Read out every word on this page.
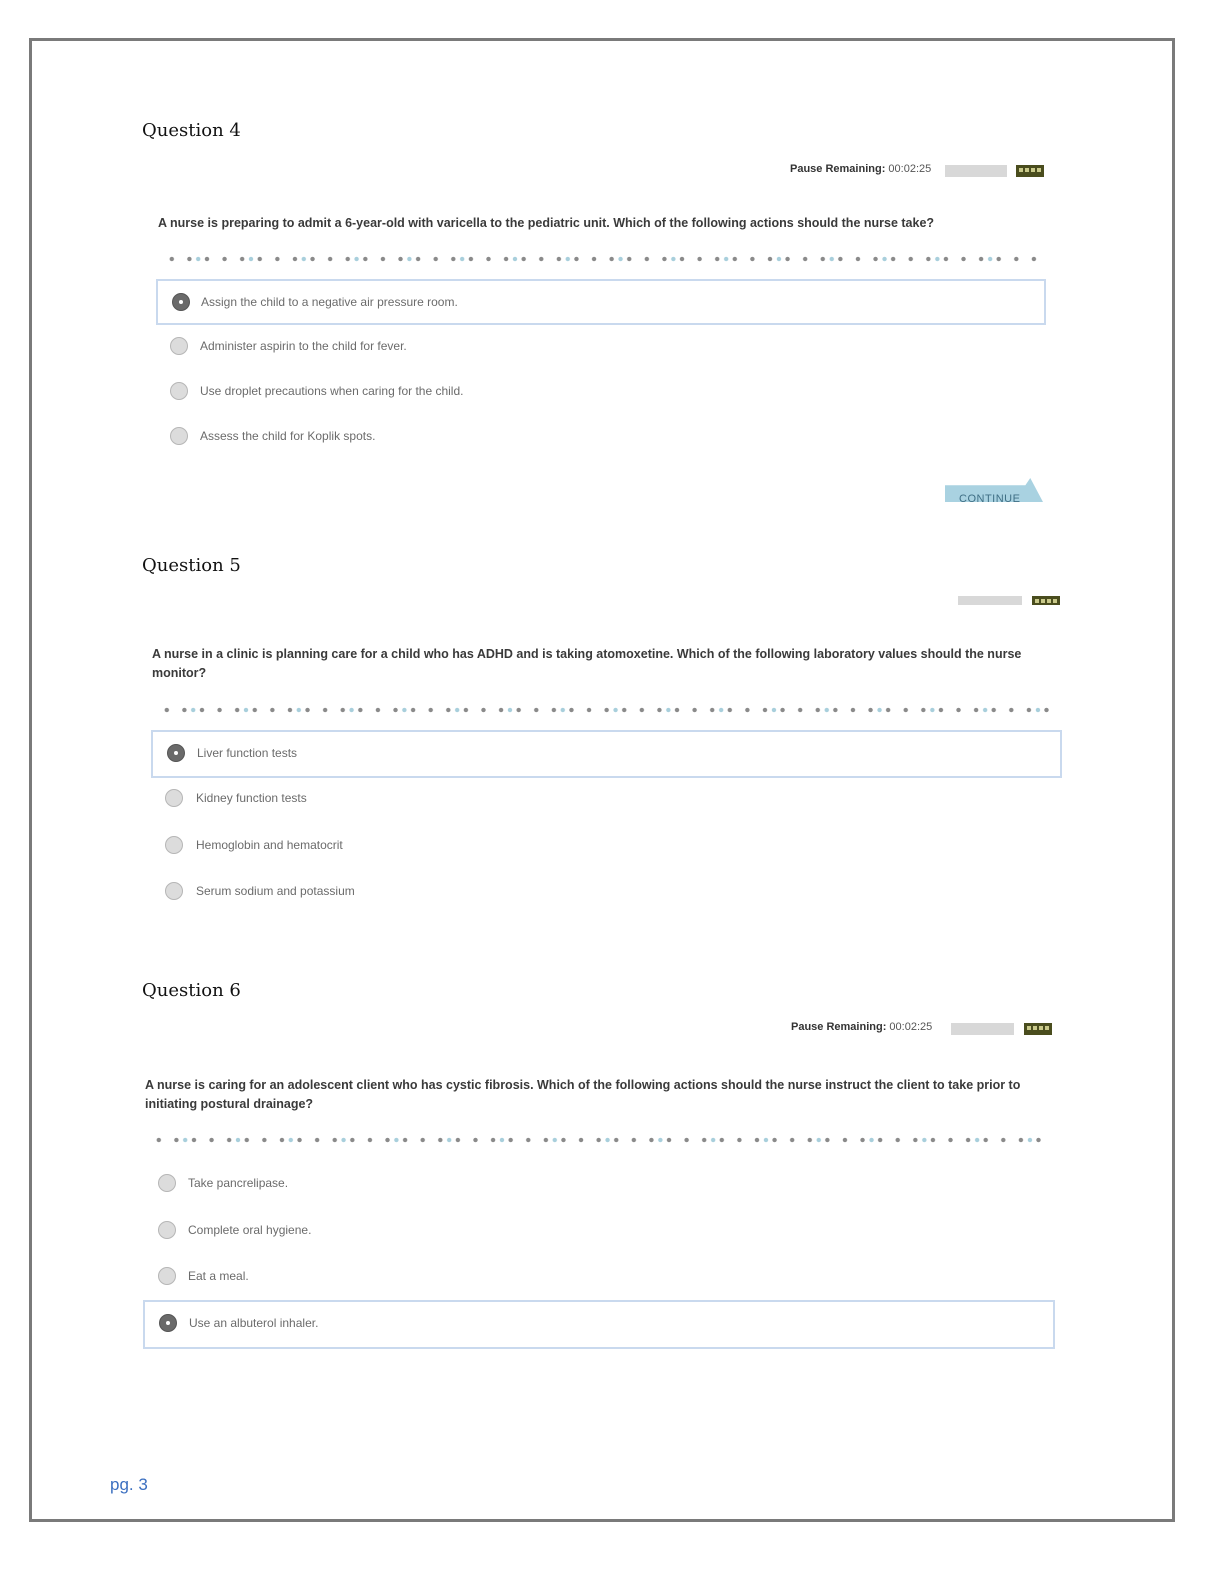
Question 4
Pause Remaining: 00:02:25

A nurse is preparing to admit a 6-year-old with varicella to the pediatric unit. Which of the following actions should the nurse take?

Assign the child to a negative air pressure room.
Administer aspirin to the child for fever.
Use droplet precautions when caring for the child.
Assess the child for Koplik spots.
CONTINUE
Question 5

A nurse in a clinic is planning care for a child who has ADHD and is taking atomoxetine. Which of the following laboratory values should the nurse monitor?

Liver function tests
Kidney function tests
Hemoglobin and hematocrit
Serum sodium and potassium
Question 6
Pause Remaining: 00:02:25

A nurse is caring for an adolescent client who has cystic fibrosis. Which of the following actions should the nurse instruct the client to take prior to initiating postural drainage?

Take pancrelipase.
Complete oral hygiene.
Eat a meal.
Use an albuterol inhaler.
pg. 3
